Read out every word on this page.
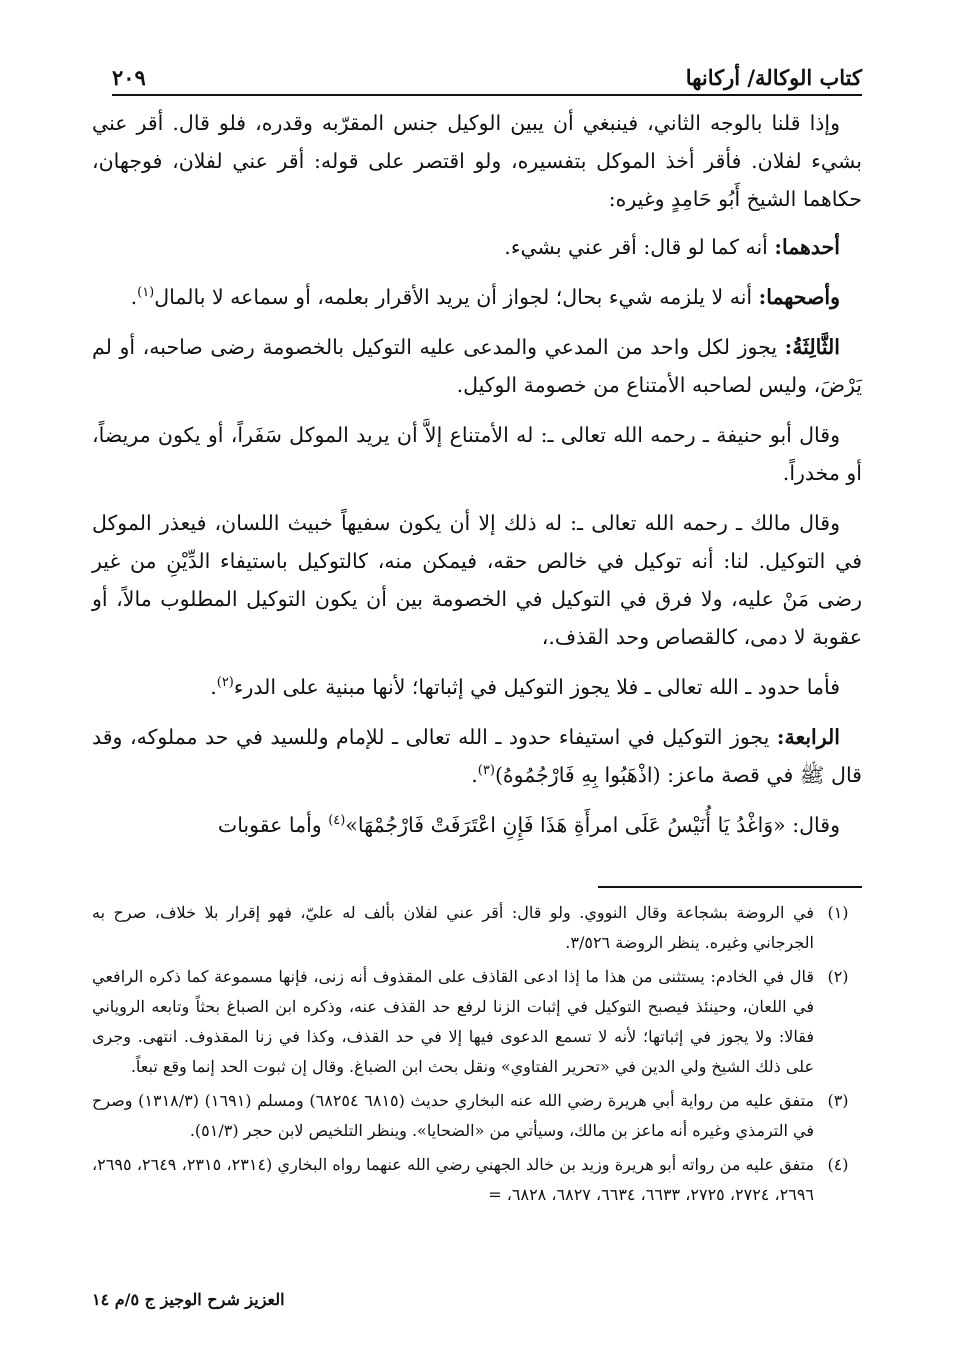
كتاب الوكالة/ أركانها
٢٠٩

وإذا قلنا بالوجه الثاني، فينبغي أن يبين الوكيل جنس المقرّبه وقدره، فلو قال. أقر عني بشيء لفلان. فأقر أخذ الموكل بتفسيره، ولو اقتصر على قوله: أقر عني لفلان، فوجهان، حكاهما الشيخ أَبُو حَامِدٍ وغيره:

أحدهما: أنه كما لو قال: أقر عني بشيء.

وأصحهما: أنه لا يلزمه شيء بحال؛ لجواز أن يريد الأقرار بعلمه، أو سماعه لا بالمال$^{(١)}$.

الثَّالِثَةُ: يجوز لكل واحد من المدعي والمدعى عليه التوكيل بالخصومة رضى صاحبه، أو لم يَرْضَ، وليس لصاحبه الأمتناع من خصومة الوكيل.

وقال أبو حنيفة ـ رحمه الله تعالى ـ: له الأمتناع إلاَّ أن يريد الموكل سَفَراً، أو يكون مريضاً، أو مخدراً.

وقال مالك ـ رحمه الله تعالى ـ: له ذلك إلا أن يكون سفيهاً خبيث اللسان، فيعذر الموكل في التوكيل. لنا: أنه توكيل في خالص حقه، فيمكن منه، كالتوكيل باستيفاء الدِّيْنِ من غير رضى مَنْ عليه، ولا فرق في التوكيل في الخصومة بين أن يكون التوكيل المطلوب مالاً، أو عقوبة لا دمى، كالقصاص وحد القذف.،

فأما حدود ـ الله تعالى ـ فلا يجوز التوكيل في إثباتها؛ لأنها مبنية على الدرء$^{(٢)}$.

الرابعة: يجوز التوكيل في استيفاء حدود ـ الله تعالى ـ للإمام وللسيد في حد مملوكه، وقد قال ﷺ في قصة ماعز: (اذْهَبُوا بِهِ فَارْجُمُوهُ)$^{(٣)}$.

وقال: «وَاغْدُ يَا أُنَيْسُ عَلَى امرأَةِ هَذَا فَإِنِ اعْتَرَفَتْ فَارْجُمْهَا»$^{(٤)}$ وأما عقوبات

(١)
في الروضة بشجاعة وقال النووي. ولو قال: أقر عني لفلان بألف له عليّ، فهو إقرار بلا خلاف، صرح به الجرجاني وغيره. ينظر الروضة ٣/٥٢٦.
(٢)
قال في الخادم: يستثنى من هذا ما إذا ادعى القاذف على المقذوف أنه زنى، فإنها مسموعة كما ذكره الرافعي في اللعان، وحينئذ فيصبح التوكيل في إثبات الزنا لرفع حد القذف عنه، وذكره ابن الصباغ بحثاً وتابعه الروياني فقالا: ولا يجوز في إثباتها؛ لأنه لا تسمع الدعوى فيها إلا في حد القذف، وكذا في زنا المقذوف. انتهى. وجرى على ذلك الشيخ ولي الدين في «تحرير الفتاوي» ونقل بحث ابن الضباغ. وقال إن ثبوت الحد إنما وقع تبعاً.
(٣)
متفق عليه من رواية أبي هريرة رضي الله عنه البخاري حديث (٦٨١٥ ٦٨٢٥٤) ومسلم (١٦٩١) (١٣١٨/٣) وصرح في الترمذي وغيره أنه ماعز بن مالك، وسيأتي من «الضحايا». وينظر التلخيص لابن حجر (٥١/٣).
(٤)
متفق عليه من رواته أبو هريرة وزيد بن خالد الجهني رضي الله عنهما رواه البخاري (٢٣١٤، ٢٣١٥، ٢٦٤٩، ٢٦٩٥، ٢٦٩٦، ٢٧٢٤، ٢٧٢٥، ٦٦٣٣، ٦٦٣٤، ٦٨٢٧، ٦٨٢٨، =
العزيز شرح الوجيز ج ٥/م ١٤
